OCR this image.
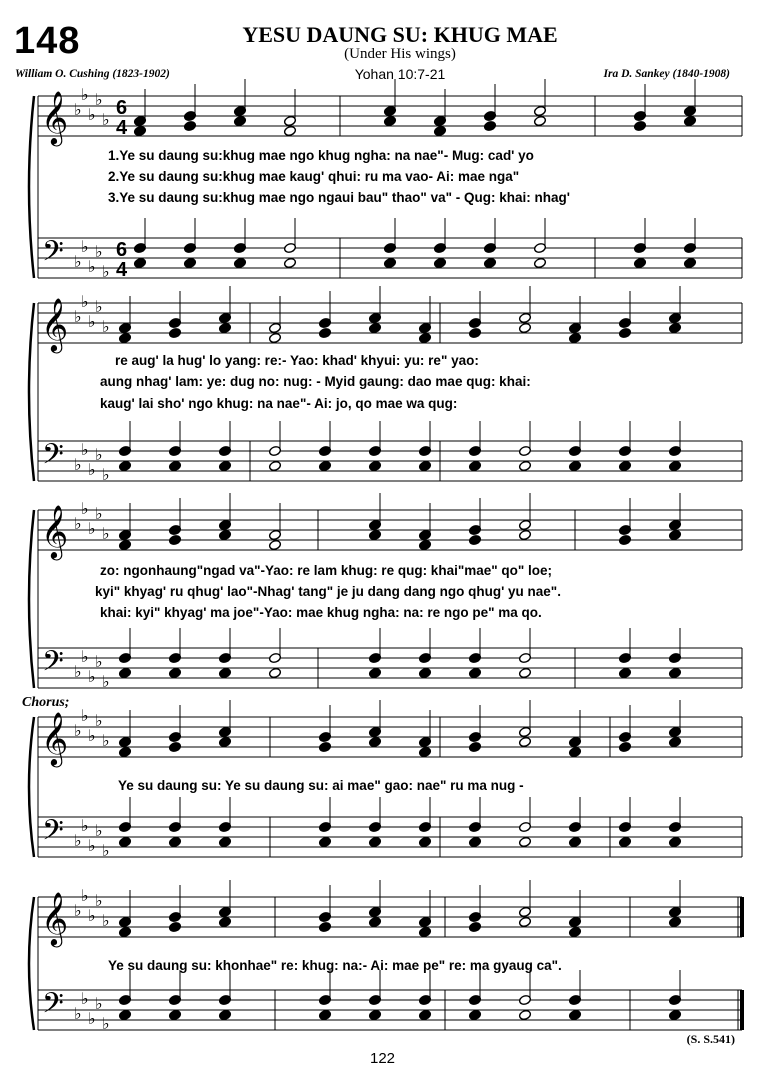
148	YESU DAUNG SU: KHUG MAE
(Under His wings)
William O. Cushing (1823-1902)	Yohan 10:7-21	Ira D. Sankey (1840-1908)
𝄞
𝄢
♭
♭
♭
♭
♭
♭
♭
♭
♭
♭
6
4
6
4
𝄞
𝄢
♭
♭
♭
♭
♭
♭
♭
♭
♭
♭
𝄞
𝄢
♭
♭
♭
♭
♭
♭
♭
♭
♭
♭
𝄞
𝄢
♭
♭
♭
♭
♭
♭
♭
♭
♭
♭
𝄞
𝄢
♭
♭
♭
♭
♭
♭
♭
♭
♭
♭
1.Ye su daung su:khug mae ngo khug ngha: na nae"- Mug: cad' yo
2.Ye su daung su:khug mae kaug' qhui: ru ma vao- Ai: mae nga"
3.Ye su daung su:khug mae ngo ngaui bau" thao" va" - Qug: khai: nhag'
re aug' la hug' lo yang: re:- Yao: khad' khyui: yu: re" yao:
aung nhag' lam: ye: dug no: nug: - Myid gaung: dao mae qug: khai:
kaug' lai sho' ngo khug: na nae"- Ai: jo, qo mae wa qug:
zo: ngonhaung"ngad va"-Yao: re lam khug: re qug: khai"mae" qo" loe;
kyi" khyag' ru qhug' lao"-Nhag' tang" je ju dang dang ngo qhug' yu nae".
khai: kyi" khyag' ma joe"-Yao: mae khug ngha: na: re ngo pe" ma qo.
Chorus;
Ye su daung su: Ye su daung su: ai mae" gao: nae" ru ma nug -
Ye su daung su: khonhae" re: khug: na:- Ai: mae pe" re: ma gyaug ca".
122
(S. S.541)
